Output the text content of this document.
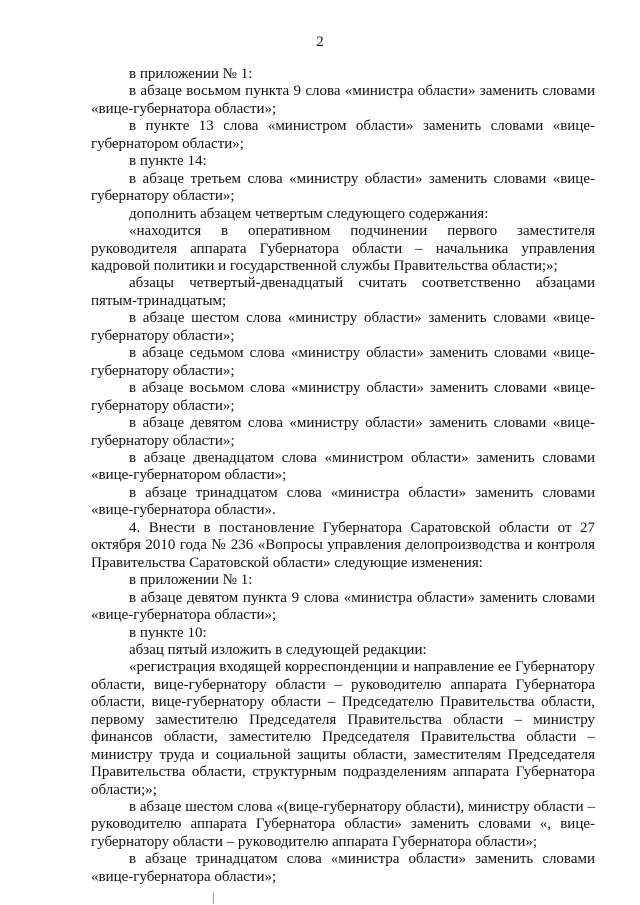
2

в приложении № 1:

в абзаце восьмом пункта 9 слова «министра области» заменить словами «вице-губернатора области»;

в пункте 13 слова «министром области» заменить словами «вице-губернатором области»;

в пункте 14:

в абзаце третьем слова «министру области» заменить словами «вице-губернатору области»;

дополнить абзацем четвертым следующего содержания:

«находится в оперативном подчинении первого заместителя руководителя аппарата Губернатора области – начальника управления кадровой политики и государственной службы Правительства области;»;

абзацы четвертый-двенадцатый считать соответственно абзацами пятым-тринадцатым;

в абзаце шестом слова «министру области» заменить словами «вице-губернатору области»;

в абзаце седьмом слова «министру области» заменить словами «вице-губернатору области»;

в абзаце восьмом слова «министру области» заменить словами «вице-губернатору области»;

в абзаце девятом слова «министру области» заменить словами «вице-губернатору области»;

в абзаце двенадцатом слова «министром области» заменить словами «вице-губернатором области»;

в абзаце тринадцатом слова «министра области» заменить словами «вице-губернатора области».

4. Внести в постановление Губернатора Саратовской области от 27 октября 2010 года № 236 «Вопросы управления делопроизводства и контроля Правительства Саратовской области» следующие изменения:

в приложении № 1:

в абзаце девятом пункта 9 слова «министра области» заменить словами «вице-губернатора области»;

в пункте 10:

абзац пятый изложить в следующей редакции:

«регистрация входящей корреспонденции и направление ее Губернатору области, вице-губернатору области – руководителю аппарата Губернатора области, вице-губернатору области – Председателю Правительства области, первому заместителю Председателя Правительства области – министру финансов области, заместителю Председателя Правительства области – министру труда и социальной защиты области, заместителям Председателя Правительства области, структурным подразделениям аппарата Губернатора области;»;

в абзаце шестом слова «(вице-губернатору области), министру области – руководителю аппарата Губернатора области» заменить словами «, вице-губернатору области – руководителю аппарата Губернатора области»;

в абзаце тринадцатом слова «министра области» заменить словами «вице-губернатора области»;
